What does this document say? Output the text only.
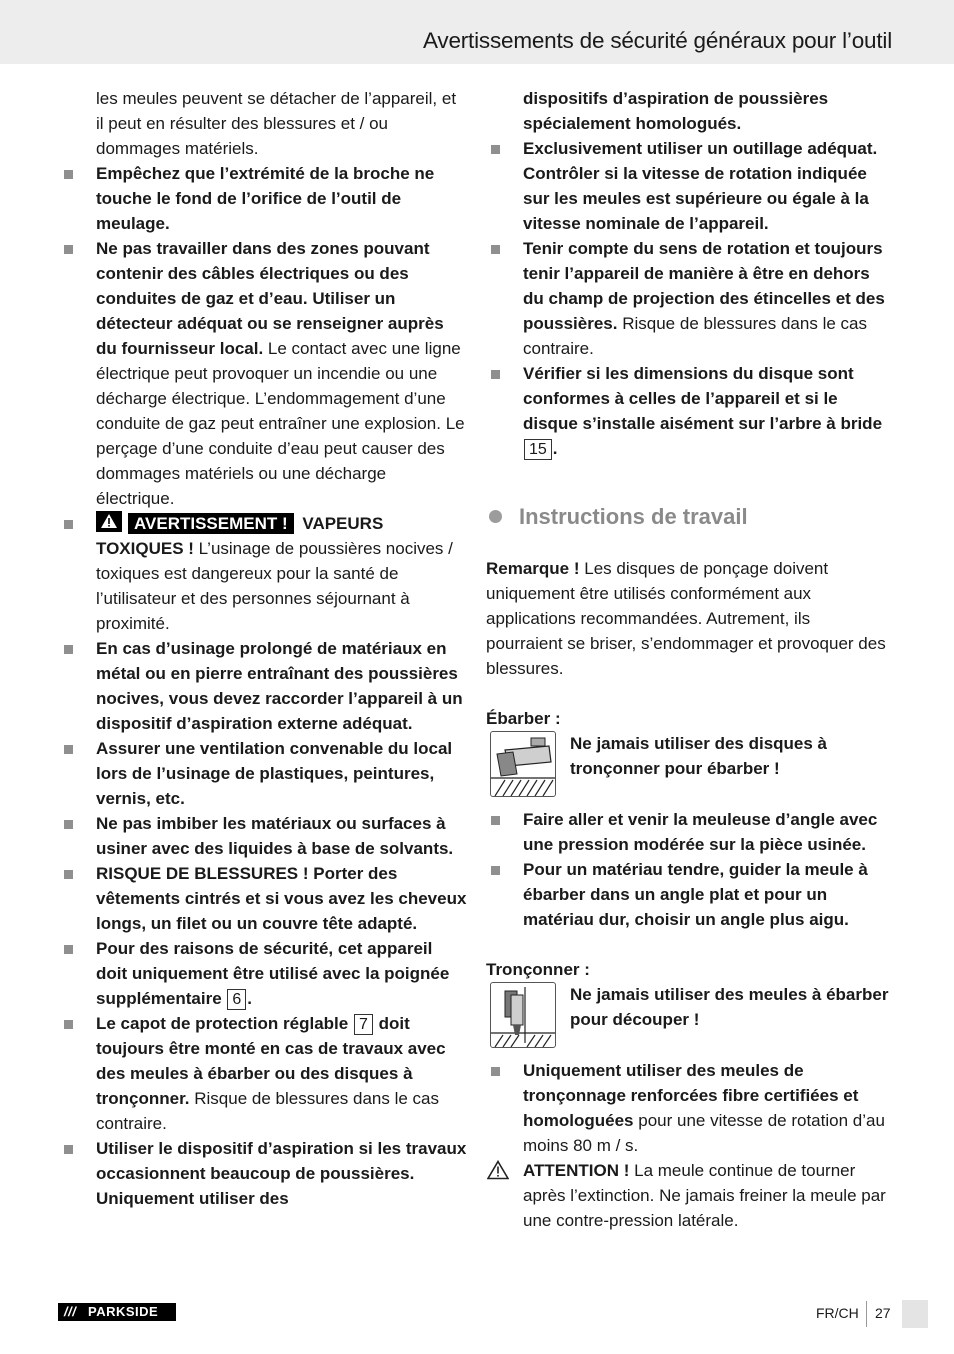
Avertissements de sécurité généraux pour l’outil

les meules peuvent se détacher de l’appareil, et il peut en résulter des blessures et / ou dommages matériels.

Empêchez que l’extrémité de la broche ne touche le fond de l’orifice de l’outil de meulage.
Ne pas travailler dans des zones pouvant contenir des câbles électriques ou des conduites de gaz et d’eau. Utiliser un détecteur adéquat ou se renseigner auprès du fournisseur local. Le contact avec une ligne électrique peut provoquer un incendie ou une décharge électrique. L’endommagement d’une conduite de gaz peut entraîner une explosion. Le perçage d’une conduite d’eau peut causer des dommages matériels ou une décharge électrique.
AVERTISSEMENT ! VAPEURS TOXIQUES ! L’usinage de poussières nocives / toxiques est dangereux pour la santé de l’utilisateur et des personnes séjournant à proximité.
En cas d’usinage prolongé de matériaux en métal ou en pierre entraînant des poussières nocives, vous devez raccorder l’appareil à un dispositif d’aspiration externe adéquat.
Assurer une ventilation convenable du local lors de l’usinage de plastiques, peintures, vernis, etc.
Ne pas imbiber les matériaux ou surfaces à usiner avec des liquides à base de solvants.
RISQUE DE BLESSURES ! Porter des vêtements cintrés et si vous avez les cheveux longs, un filet ou un couvre tête adapté.
Pour des raisons de sécurité, cet appareil doit uniquement être utilisé avec la poignée supplémentaire 6 .
Le capot de protection réglable 7 doit toujours être monté en cas de travaux avec des meules à ébarber ou des disques à tronçonner. Risque de blessures dans le cas contraire.
Utiliser le dispositif d’aspiration si les travaux occasionnent beaucoup de poussières. Uniquement utiliser des

dispositifs d’aspiration de poussières spécialement homologués.

Exclusivement utiliser un outillage adéquat. Contrôler si la vitesse de rotation indiquée sur les meules est supérieure ou égale à la vitesse nominale de l’appareil.
Tenir compte du sens de rotation et toujours tenir l’appareil de manière à être en dehors du champ de projection des étincelles et des poussières. Risque de blessures dans le cas contraire.
Vérifier si les dimensions du disque sont conformes à celles de l’appareil et si le disque s’installe aisément sur l’arbre à bride 15 .
Instructions de travail

Remarque ! Les disques de ponçage doivent uniquement être utilisés conformément aux applications recommandées. Autrement, ils pourraient se briser, s’endommager et provoquer des blessures.

Ébarber :

Ne jamais utiliser des disques à tronçonner pour ébarber !

Faire aller et venir la meuleuse d’angle avec une pression modérée sur la pièce usinée.
Pour un matériau tendre, guider la meule à ébarber dans un angle plat et pour un matériau dur, choisir un angle plus aigu.

Tronçonner :

Ne jamais utiliser des meules à ébarber pour découper !

Uniquement utiliser des meules de tronçonnage renforcées fibre certifiées et homologuées pour une vitesse de rotation d’au moins 80 m / s.
ATTENTION ! La meule continue de tourner après l’extinction. Ne jamais freiner la meule par une contre-pression latérale.
/// PARKSIDE	FR/CH 27
